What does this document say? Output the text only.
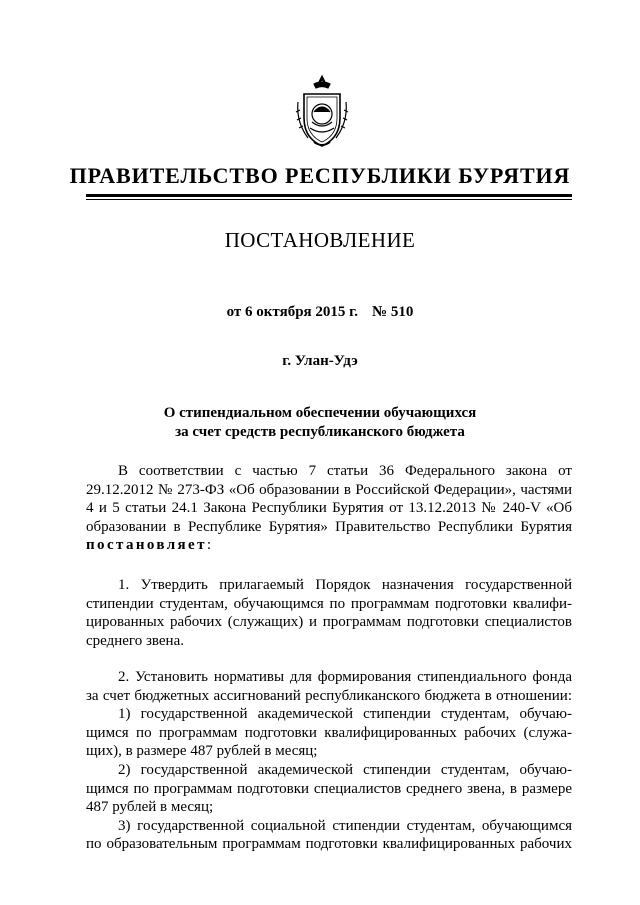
ПРАВИТЕЛЬСТВО РЕСПУБЛИКИ БУРЯТИЯ
ПОСТАНОВЛЕНИЕ
от 6 октября 2015 г. № 510
г. Улан-Удэ
О стипендиальном обеспечении обучающихся
за счет средств республиканского бюджета
В соответствии с частью 7 статьи 36 Федерального закона от
29.12.2012 № 273-ФЗ «Об образовании в Российской Федерации», частями
4 и 5 статьи 24.1 Закона Республики Бурятия от 13.12.2013 № 240-V «Об
образовании в Республике Бурятия» Правительство Республики Бурятия
постановляет:
1. Утвердить прилагаемый Порядок назначения государственной
стипендии студентам, обучающимся по программам подготовки квалифи-
цированных рабочих (служащих) и программам подготовки специалистов
среднего звена.
2. Установить нормативы для формирования стипендиального фонда
за счет бюджетных ассигнований республиканского бюджета в отношении:
1) государственной академической стипендии студентам, обучаю-
щимся по программам подготовки квалифицированных рабочих (служа-
щих), в размере 487 рублей в месяц;
2) государственной академической стипендии студентам, обучаю-
щимся по программам подготовки специалистов среднего звена, в размере
487 рублей в месяц;
3) государственной социальной стипендии студентам, обучающимся
по образовательным программам подготовки квалифицированных рабочих
